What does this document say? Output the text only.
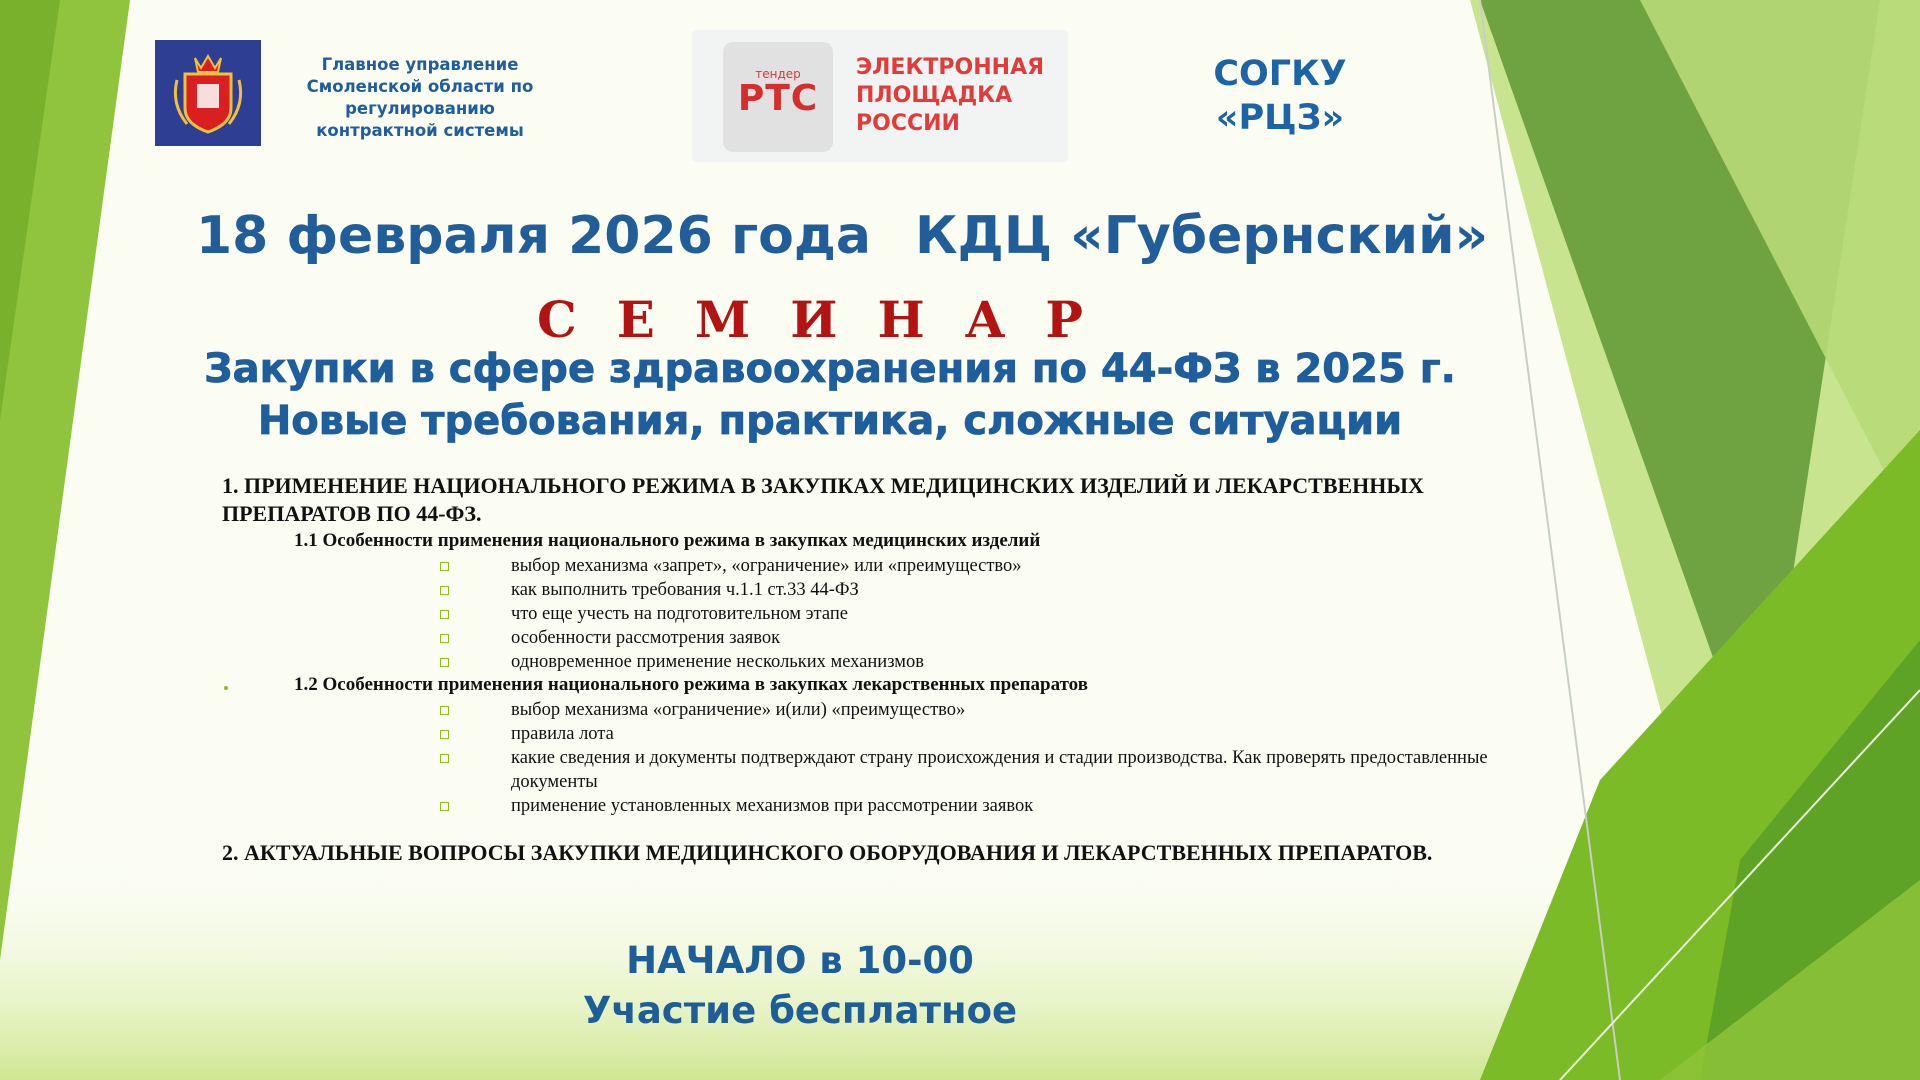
Главное управление
Смоленской области по
регулированию
контрактной системы
тендер
РТС
ЭЛЕКТРОННАЯ
ПЛОЩАДКА
РОССИИ
СОГКУ
«РЦЗ»
18 февраля 2026 года КДЦ «Губернский»
СЕМИНАР
Закупки в сфере здравоохранения по 44-ФЗ в 2025 г.
Новые требования, практика, сложные ситуации
1. ПРИМЕНЕНИЕ НАЦИОНАЛЬНОГО РЕЖИМА В ЗАКУПКАХ МЕДИЦИНСКИХ ИЗДЕЛИЙ И ЛЕКАРСТВЕННЫХ ПРЕПАРАТОВ ПО 44-ФЗ.
1.1 Особенности применения национального режима в закупках медицинских изделий
выбор механизма «запрет», «ограничение» или «преимущество»
как выполнить требования ч.1.1 ст.33 44-ФЗ
что еще учесть на подготовительном этапе
особенности рассмотрения заявок
одновременное применение нескольких механизмов
1.2 Особенности применения национального режима в закупках лекарственных препаратов
выбор механизма «ограничение» и(или) «преимущество»
правила лота
какие сведения и документы подтверждают страну происхождения и стадии производства. Как проверять предоставленные документы
применение установленных механизмов при рассмотрении заявок
2. АКТУАЛЬНЫЕ ВОПРОСЫ ЗАКУПКИ МЕДИЦИНСКОГО ОБОРУДОВАНИЯ И ЛЕКАРСТВЕННЫХ ПРЕПАРАТОВ.
НАЧАЛО в 10-00
Участие бесплатное
